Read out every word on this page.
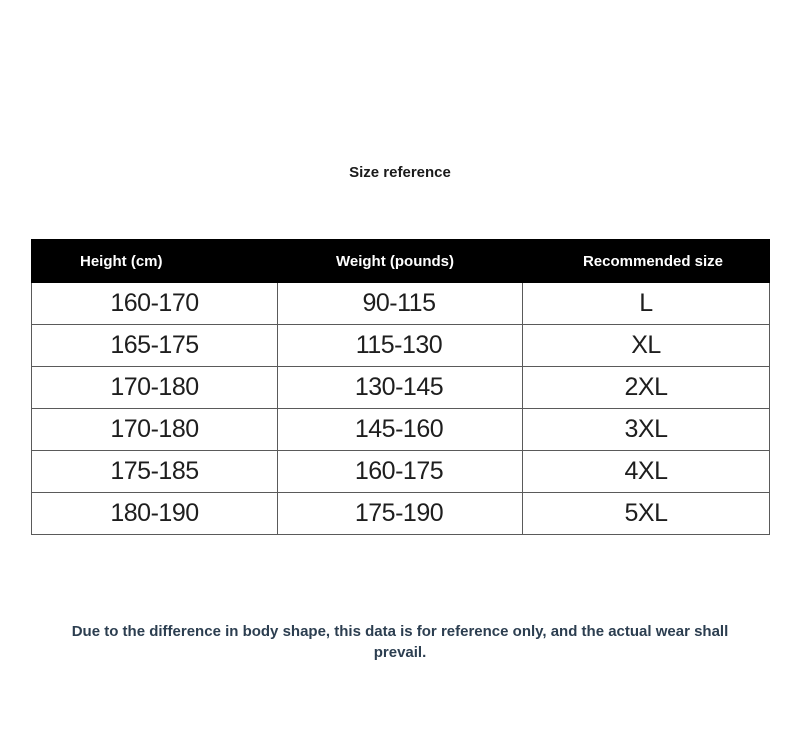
Size reference
Height (cm)	Weight (pounds)	Recommended size
160-170	90-115	L
165-175	115-130	XL
170-180	130-145	2XL
170-180	145-160	3XL
175-185	160-175	4XL
180-190	175-190	5XL
Due to the difference in body shape, this data is for reference only, and the actual wear shall prevail.
